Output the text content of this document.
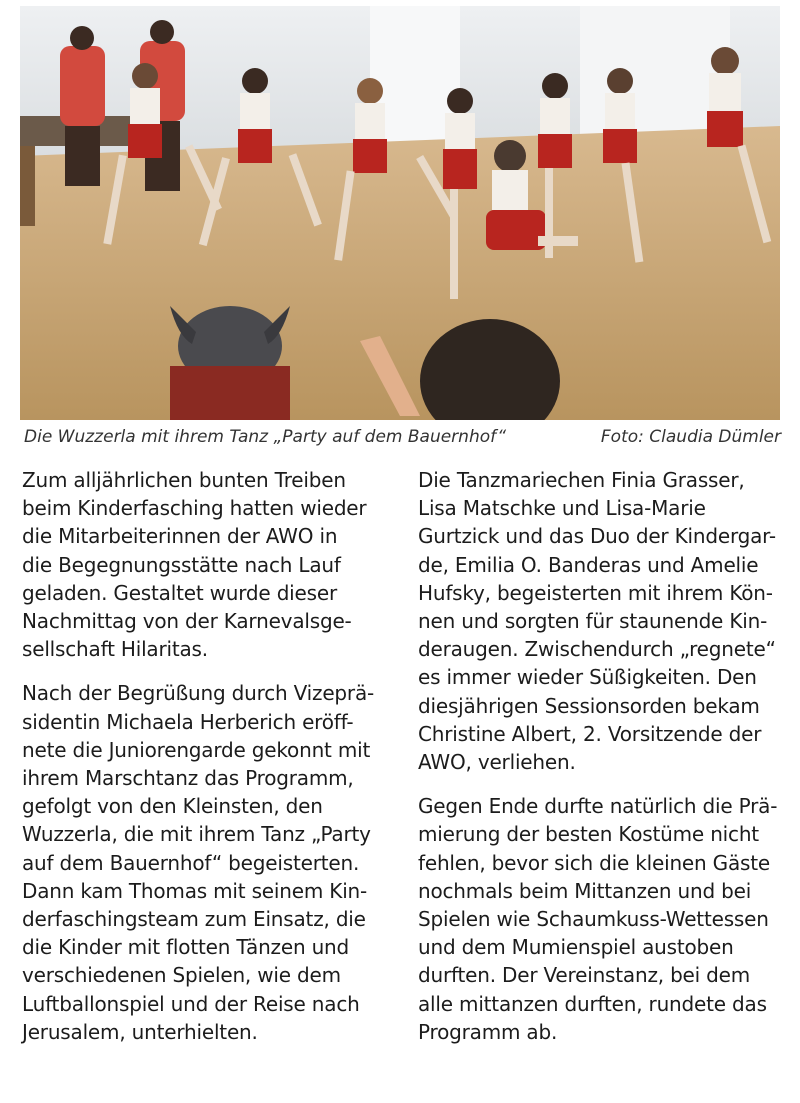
Die Wuzzerla mit ihrem Tanz „Party auf dem Bauernhof“	Foto: Claudia Dümler

Zum alljährlichen bunten Treiben
beim Kinderfasching hatten wieder
die Mitarbeiterinnen der AWO in
die Begegnungsstätte nach Lauf
geladen. Gestaltet wurde dieser
Nachmittag von der Karnevalsge-
sellschaft Hilaritas.

Nach der Begrüßung durch Vizeprä-
sidentin Michaela Herberich eröff-
nete die Juniorengarde gekonnt mit
ihrem Marschtanz das Programm,
gefolgt von den Kleinsten, den
Wuzzerla, die mit ihrem Tanz „Party
auf dem Bauernhof“ begeisterten.
Dann kam Thomas mit seinem Kin-
derfaschingsteam zum Einsatz, die
die Kinder mit flotten Tänzen und
verschiedenen Spielen, wie dem
Luftballonspiel und der Reise nach
Jerusalem, unterhielten.

Die Tanzmariechen Finia Grasser,
Lisa Matschke und Lisa-Marie
Gurtzick und das Duo der Kindergar-
de, Emilia O. Banderas und Amelie
Hufsky, begeisterten mit ihrem Kön-
nen und sorgten für staunende Kin-
deraugen. Zwischendurch „regnete“
es immer wieder Süßigkeiten. Den
diesjährigen Sessionsorden bekam
Christine Albert, 2. Vorsitzende der
AWO, verliehen.

Gegen Ende durfte natürlich die Prä-
mierung der besten Kostüme nicht
fehlen, bevor sich die kleinen Gäste
nochmals beim Mittanzen und bei
Spielen wie Schaumkuss-Wettessen
und dem Mumienspiel austoben
durften. Der Vereinstanz, bei dem
alle mittanzen durften, rundete das
Programm ab.
